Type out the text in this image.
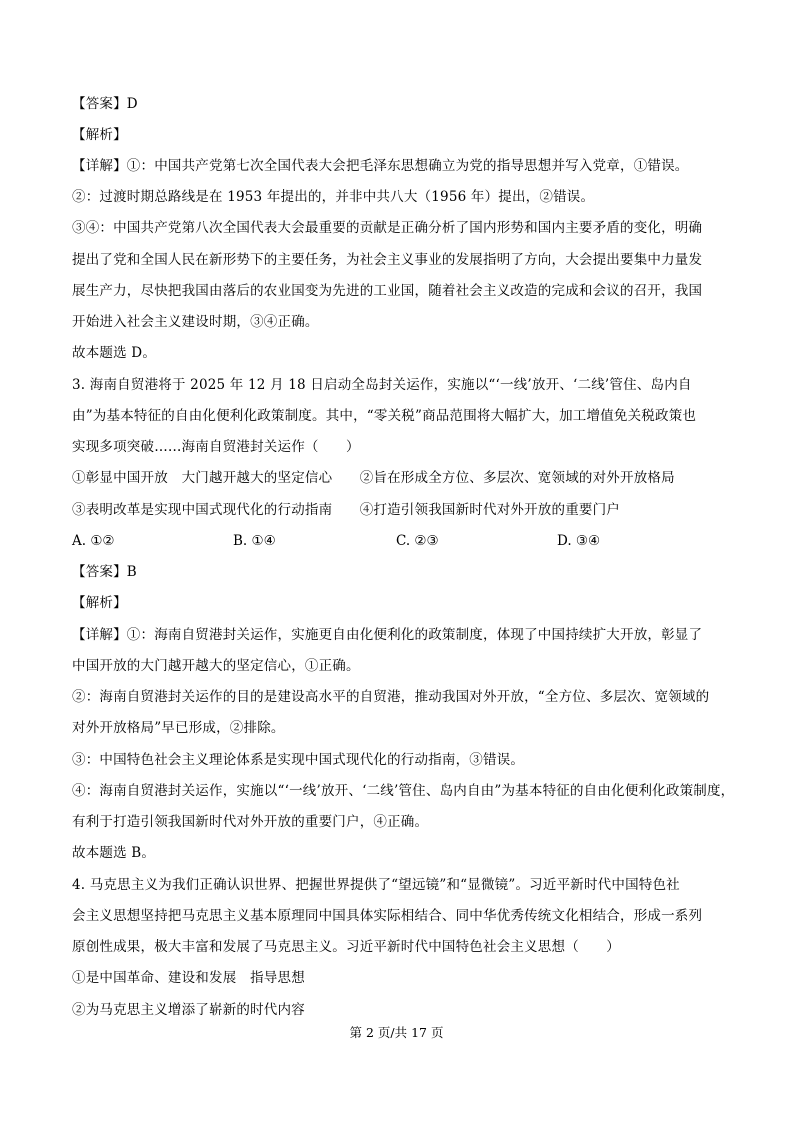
【答案】D
【解析】
【详解】①：中国共产党第七次全国代表大会把毛泽东思想确立为党的指导思想并写入党章，①错误。
②：过渡时期总路线是在 1953 年提出的，并非中共八大（1956 年）提出，②错误。
③④：中国共产党第八次全国代表大会最重要的贡献是正确分析了国内形势和国内主要矛盾的变化，明确
提出了党和全国人民在新形势下的主要任务，为社会主义事业的发展指明了方向，大会提出要集中力量发
展生产力，尽快把我国由落后的农业国变为先进的工业国，随着社会主义改造的完成和会议的召开，我国
开始进入社会主义建设时期，③④正确。
故本题选 D。
3. 海南自贸港将于 2025 年 12 月 18 日启动全岛封关运作，实施以“‘一线’放开、‘二线’管住、岛内自
由”为基本特征的自由化便利化政策制度。其中，“零关税”商品范围将大幅扩大，加工增值免关税政策也
实现多项突破……海南自贸港封关运作（　　）
①彰显中国开放　大门越开越大的坚定信心　　②旨在形成全方位、多层次、宽领域的对外开放格局
③表明改革是实现中国式现代化的行动指南　　④打造引领我国新时代对外开放的重要门户
A. ①②	B. ①④	C. ②③	D. ③④
【答案】B
【解析】
【详解】①：海南自贸港封关运作，实施更自由化便利化的政策制度，体现了中国持续扩大开放，彰显了
中国开放的大门越开越大的坚定信心，①正确。
②：海南自贸港封关运作的目的是建设高水平的自贸港，推动我国对外开放，“全方位、多层次、宽领域的
对外开放格局”早已形成，②排除。
③：中国特色社会主义理论体系是实现中国式现代化的行动指南，③错误。
④：海南自贸港封关运作，实施以“‘一线’放开、‘二线’管住、岛内自由”为基本特征的自由化便利化政策制度，
有利于打造引领我国新时代对外开放的重要门户，④正确。
故本题选 B。
4. 马克思主义为我们正确认识世界、把握世界提供了“望远镜”和“显微镜”。习近平新时代中国特色社
会主义思想坚持把马克思主义基本原理同中国具体实际相结合、同中华优秀传统文化相结合，形成一系列
原创性成果，极大丰富和发展了马克思主义。习近平新时代中国特色社会主义思想（　　）
①是中国革命、建设和发展　指导思想
②为马克思主义增添了崭新的时代内容
第 2 页/共 17 页
